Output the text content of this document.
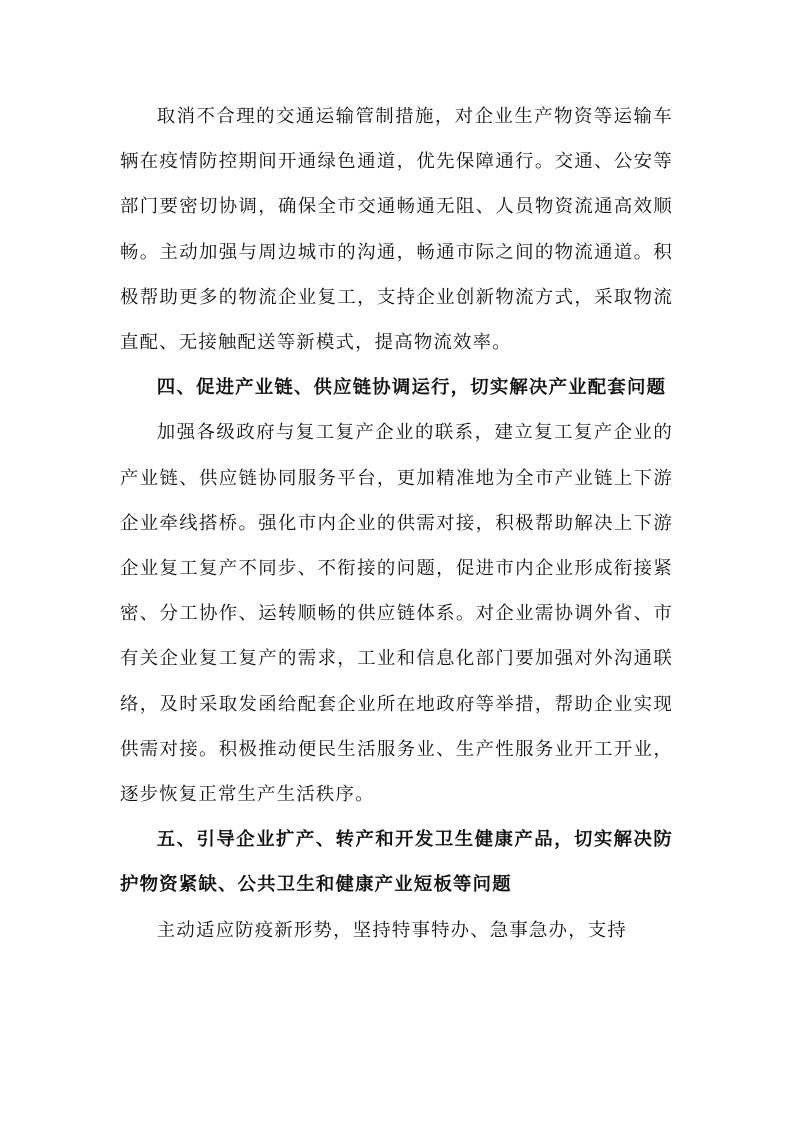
取消不合理的交通运输管制措施，对企业生产物资等运输车辆在疫情防控期间开通绿色通道，优先保障通行。交通、公安等部门要密切协调，确保全市交通畅通无阻、人员物资流通高效顺畅。主动加强与周边城市的沟通，畅通市际之间的物流通道。积极帮助更多的物流企业复工，支持企业创新物流方式，采取物流直配、无接触配送等新模式，提高物流效率。

四、促进产业链、供应链协调运行，切实解决产业配套问题

加强各级政府与复工复产企业的联系，建立复工复产企业的产业链、供应链协同服务平台，更加精准地为全市产业链上下游企业牵线搭桥。强化市内企业的供需对接，积极帮助解决上下游企业复工复产不同步、不衔接的问题，促进市内企业形成衔接紧密、分工协作、运转顺畅的供应链体系。对企业需协调外省、市有关企业复工复产的需求，工业和信息化部门要加强对外沟通联络，及时采取发函给配套企业所在地政府等举措，帮助企业实现供需对接。积极推动便民生活服务业、生产性服务业开工开业，逐步恢复正常生产生活秩序。

五、引导企业扩产、转产和开发卫生健康产品，切实解决防护物资紧缺、公共卫生和健康产业短板等问题

主动适应防疫新形势，坚持特事特办、急事急办，支持
